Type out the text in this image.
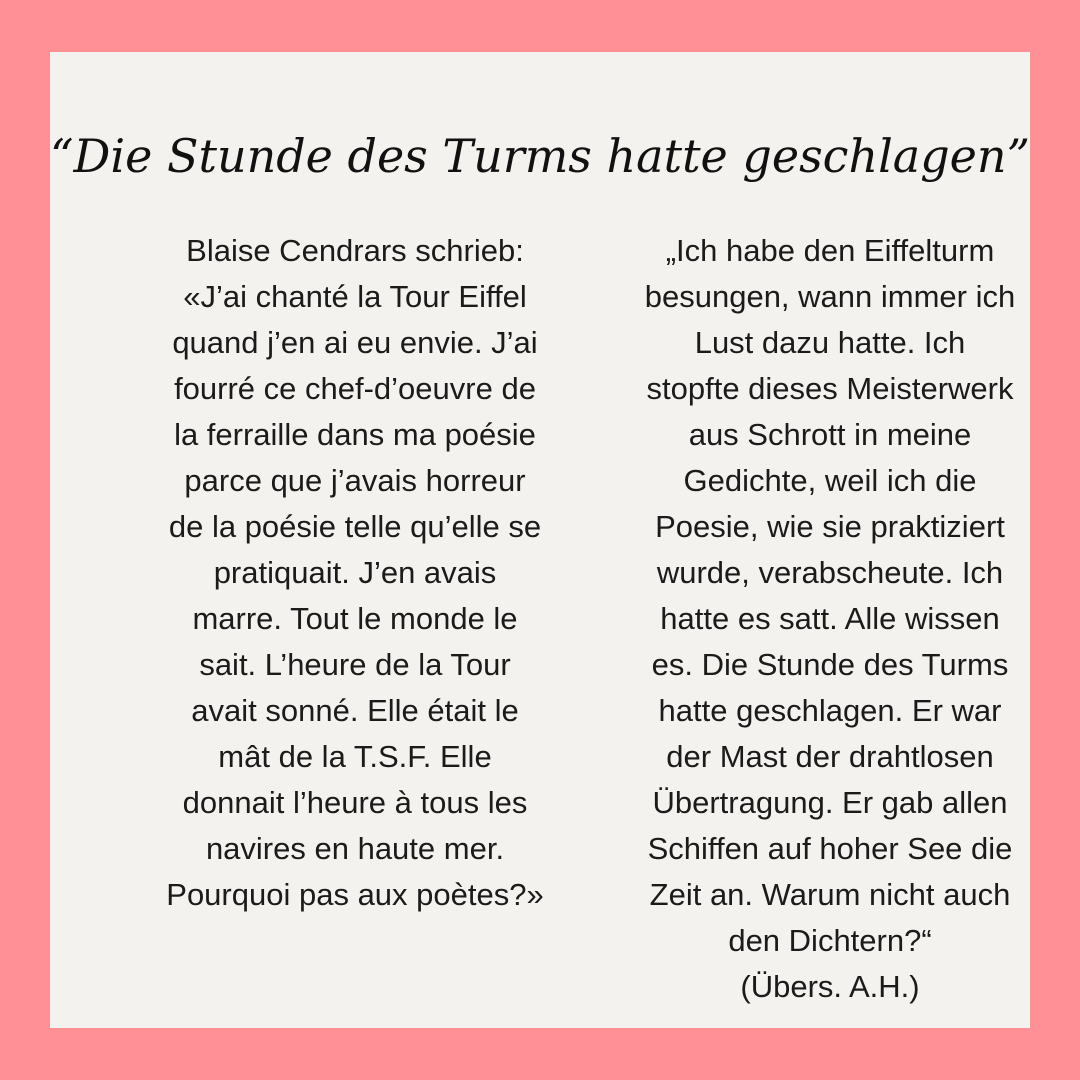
“Die Stunde des Turms hatte geschlagen”

Blaise Cendrars schrieb:
«J’ai chanté la Tour Eiffel
quand j’en ai eu envie. J’ai
fourré ce chef-d’oeuvre de
la ferraille dans ma poésie
parce que j’avais horreur
de la poésie telle qu’elle se
pratiquait. J’en avais
marre. Tout le monde le
sait. L’heure de la Tour
avait sonné. Elle était le
mât de la T.S.F. Elle
donnait l’heure à tous les
navires en haute mer.
Pourquoi pas aux poètes?»

„Ich habe den Eiffelturm
besungen, wann immer ich
Lust dazu hatte. Ich
stopfte dieses Meisterwerk
aus Schrott in meine
Gedichte, weil ich die
Poesie, wie sie praktiziert
wurde, verabscheute. Ich
hatte es satt. Alle wissen
es. Die Stunde des Turms
hatte geschlagen. Er war
der Mast der drahtlosen
Übertragung. Er gab allen
Schiffen auf hoher See die
Zeit an. Warum nicht auch
den Dichtern?“
(Übers. A.H.)
